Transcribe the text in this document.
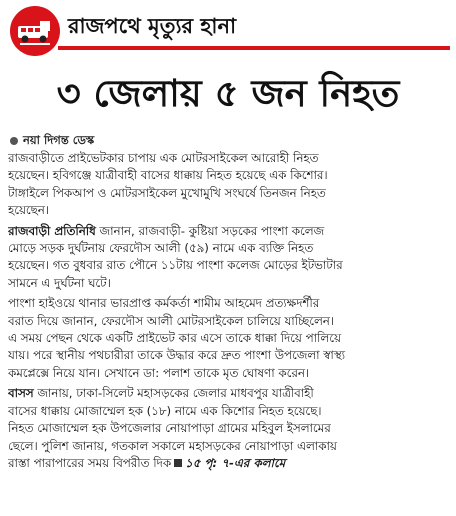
রাজপথে মৃত্যুর হানা
৩ জেলায় ৫ জন নিহত
নয়া দিগন্ত ডেস্ক

রাজবাড়ীতে প্রাইভেটকার চাপায় এক মোটরসাইকেল আরোহী নিহত
হয়েছেন। হবিগঞ্জে যাত্রীবাহী বাসের ধাক্কায় নিহত হয়েছে এক কিশোর।
টাঙ্গাইলে পিকআপ ও মোটরসাইকেল মুখোমুখি সংঘর্ষে তিনজন নিহত
হয়েছেন।

রাজবাড়ী প্রতিনিধি জানান, রাজবাড়ী- কুষ্টিয়া সড়কের পাংশা কলেজ
মোড়ে সড়ক দুর্ঘটনায় ফেরদৌস আলী (৫৯) নামে এক ব্যক্তি নিহত
হয়েছেন। গত বুধবার রাত পৌনে ১১টায় পাংশা কলেজ মোড়ের ইটভাটার
সামনে এ দুর্ঘটনা ঘটে।

পাংশা হাইওয়ে থানার ভারপ্রাপ্ত কর্মকর্তা শামীম আহমেদ প্রত্যক্ষদর্শীর
বরাত দিয়ে জানান, ফেরদৌস আলী মোটরসাইকেল চালিয়ে যাচ্ছিলেন।
এ সময় পেছন থেকে একটি প্রাইভেট কার এসে তাকে ধাক্কা দিয়ে পালিয়ে
যায়। পরে স্থানীয় পথচারীরা তাকে উদ্ধার করে দ্রুত পাংশা উপজেলা স্বাস্থ্য
কমপ্লেক্সে নিয়ে যান। সেখানে ডা: পলাশ তাকে মৃত ঘোষণা করেন।

বাসস জানায়, ঢাকা-সিলেট মহাসড়কের জেলার মাধবপুর যাত্রীবাহী
বাসের ধাক্কায় মোজাম্মেল হক (১৮) নামে এক কিশোর নিহত হয়েছে।
নিহত মোজাম্মেল হক উপজেলার নোয়াপাড়া গ্রামের মহিবুল ইসলামের
ছেলে। পুলিশ জানায়, গতকাল সকালে মহাসড়কের নোয়াপাড়া এলাকায়
রাস্তা পারাপারের সময় বিপরীত দিক ১৫ পৃ: ৭-এর কলামে
